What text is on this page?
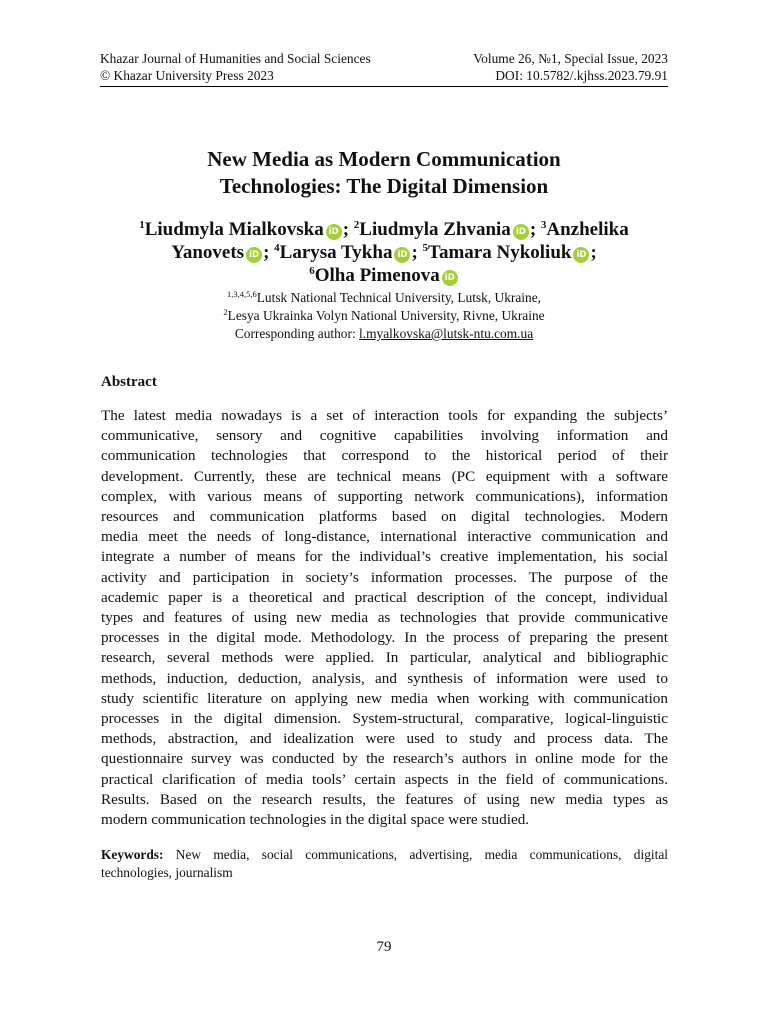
Khazar Journal of Humanities and Social Sciences	Volume 26, №1, Special Issue, 2023
© Khazar University Press 2023	DOI: 10.5782/.kjhss.2023.79.91
New Media as Modern Communication
Technologies: The Digital Dimension
$^1$Liudmyla Mialkovska iD ; $^2$Liudmyla Zhvania iD ; $^3$Anzhelika
Yanovets iD ; $^4$Larysa Tykha iD ; $^5$Tamara Nykoliuk iD ;
$^6$Olha Pimenova iD
$^{1,3,4,5,6}$Lutsk National Technical University, Lutsk, Ukraine,
$^2$Lesya Ukrainka Volyn National University, Rivne, Ukraine
Corresponding author: l.myalkovska@lutsk-ntu.com.ua
Abstract
The latest media nowadays is a set of interaction tools for expanding the subjects’
communicative, sensory and cognitive capabilities involving information and
communication technologies that correspond to the historical period of their
development. Currently, these are technical means (PC equipment with a software
complex, with various means of supporting network communications), information
resources and communication platforms based on digital technologies. Modern
media meet the needs of long-distance, international interactive communication and
integrate a number of means for the individual’s creative implementation, his social
activity and participation in society’s information processes. The purpose of the
academic paper is a theoretical and practical description of the concept, individual
types and features of using new media as technologies that provide communicative
processes in the digital mode. Methodology. In the process of preparing the present
research, several methods were applied. In particular, analytical and bibliographic
methods, induction, deduction, analysis, and synthesis of information were used to
study scientific literature on applying new media when working with communication
processes in the digital dimension. System-structural, comparative, logical-linguistic
methods, abstraction, and idealization were used to study and process data. The
questionnaire survey was conducted by the research’s authors in online mode for the
practical clarification of media tools’ certain aspects in the field of communications.
Results. Based on the research results, the features of using new media types as
modern communication technologies in the digital space were studied.
Keywords: New media, social communications, advertising, media communications, digital
technologies, journalism
79
